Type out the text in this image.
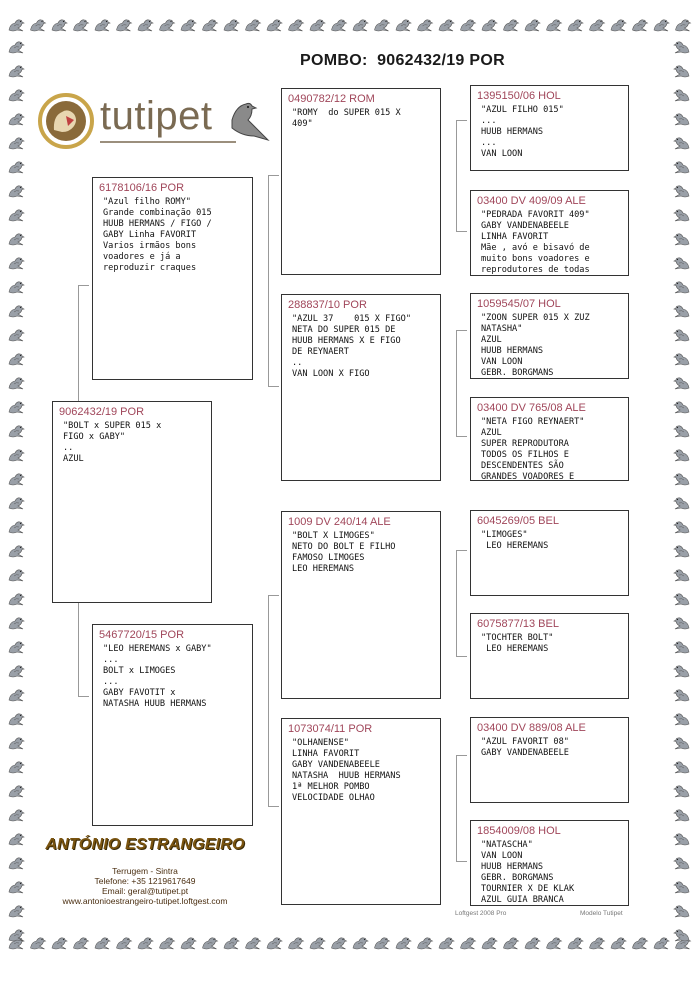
POMBO: 9062432/19 POR
tutipet
9062432/19 POR
"BOLT x SUPER 015 x
FIGO x GABY"
..
AZUL
6178106/16 POR
"Azul filho ROMY"
Grande combinação 015
HUUB HERMANS / FIGO /
GABY Linha FAVORIT
Varios irmãos bons
voadores e já a
reproduzir craques
5467720/15 POR
"LEO HEREMANS x GABY"
...
BOLT x LIMOGES
...
GABY FAVOTIT x
NATASHA HUUB HERMANS
0490782/12 ROM
"ROMY  do SUPER 015 X
409"
288837/10 POR
"AZUL 37    015 X FIGO"
NETA DO SUPER 015 DE
HUUB HERMANS X E FIGO
DE REYNAERT
..
VAN LOON X FIGO
1009 DV 240/14 ALE
"BOLT X LIMOGES"
NETO DO BOLT E FILHO
FAMOSO LIMOGES
LEO HEREMANS
1073074/11 POR
"OLHANENSE"
LINHA FAVORIT
GABY VANDENABEELE
NATASHA  HUUB HERMANS
1ª MELHOR POMBO
VELOCIDADE OLHAO
1395150/06 HOL
"AZUL FILHO 015"
...
HUUB HERMANS
...
VAN LOON
03400 DV 409/09 ALE
"PEDRADA FAVORIT 409"
GABY VANDENABEELE
LINHA FAVORIT
Mãe , avó e bisavó de
muito bons voadores e
reprodutores de todas
1059545/07 HOL
"ZOON SUPER 015 X ZUZ
NATASHA"
AZUL
HUUB HERMANS
VAN LOON
GEBR. BORGMANS
03400 DV 765/08 ALE
"NETA FIGO REYNAERT"
AZUL
SUPER REPRODUTORA
TODOS OS FILHOS E
DESCENDENTES SÃO
GRANDES VOADORES E
6045269/05 BEL
"LIMOGES"
LEO HEREMANS
6075877/13 BEL
"TOCHTER BOLT"
LEO HEREMANS
03400 DV 889/08 ALE
"AZUL FAVORIT 08"
GABY VANDENABEELE
1854009/08 HOL
"NATASCHA"
VAN LOON
HUUB HERMANS
GEBR. BORGMANS
TOURNIER X DE KLAK
AZUL GUIA BRANCA
ANTÓNIO ESTRANGEIRO
Terrugem - Sintra
Telefone: +35 1219617649
Email: geral@tutipet.pt
www.antonioestrangeiro-tutipet.loftgest.com
Loftgest 2008 Pro	Modelo Tutipet
